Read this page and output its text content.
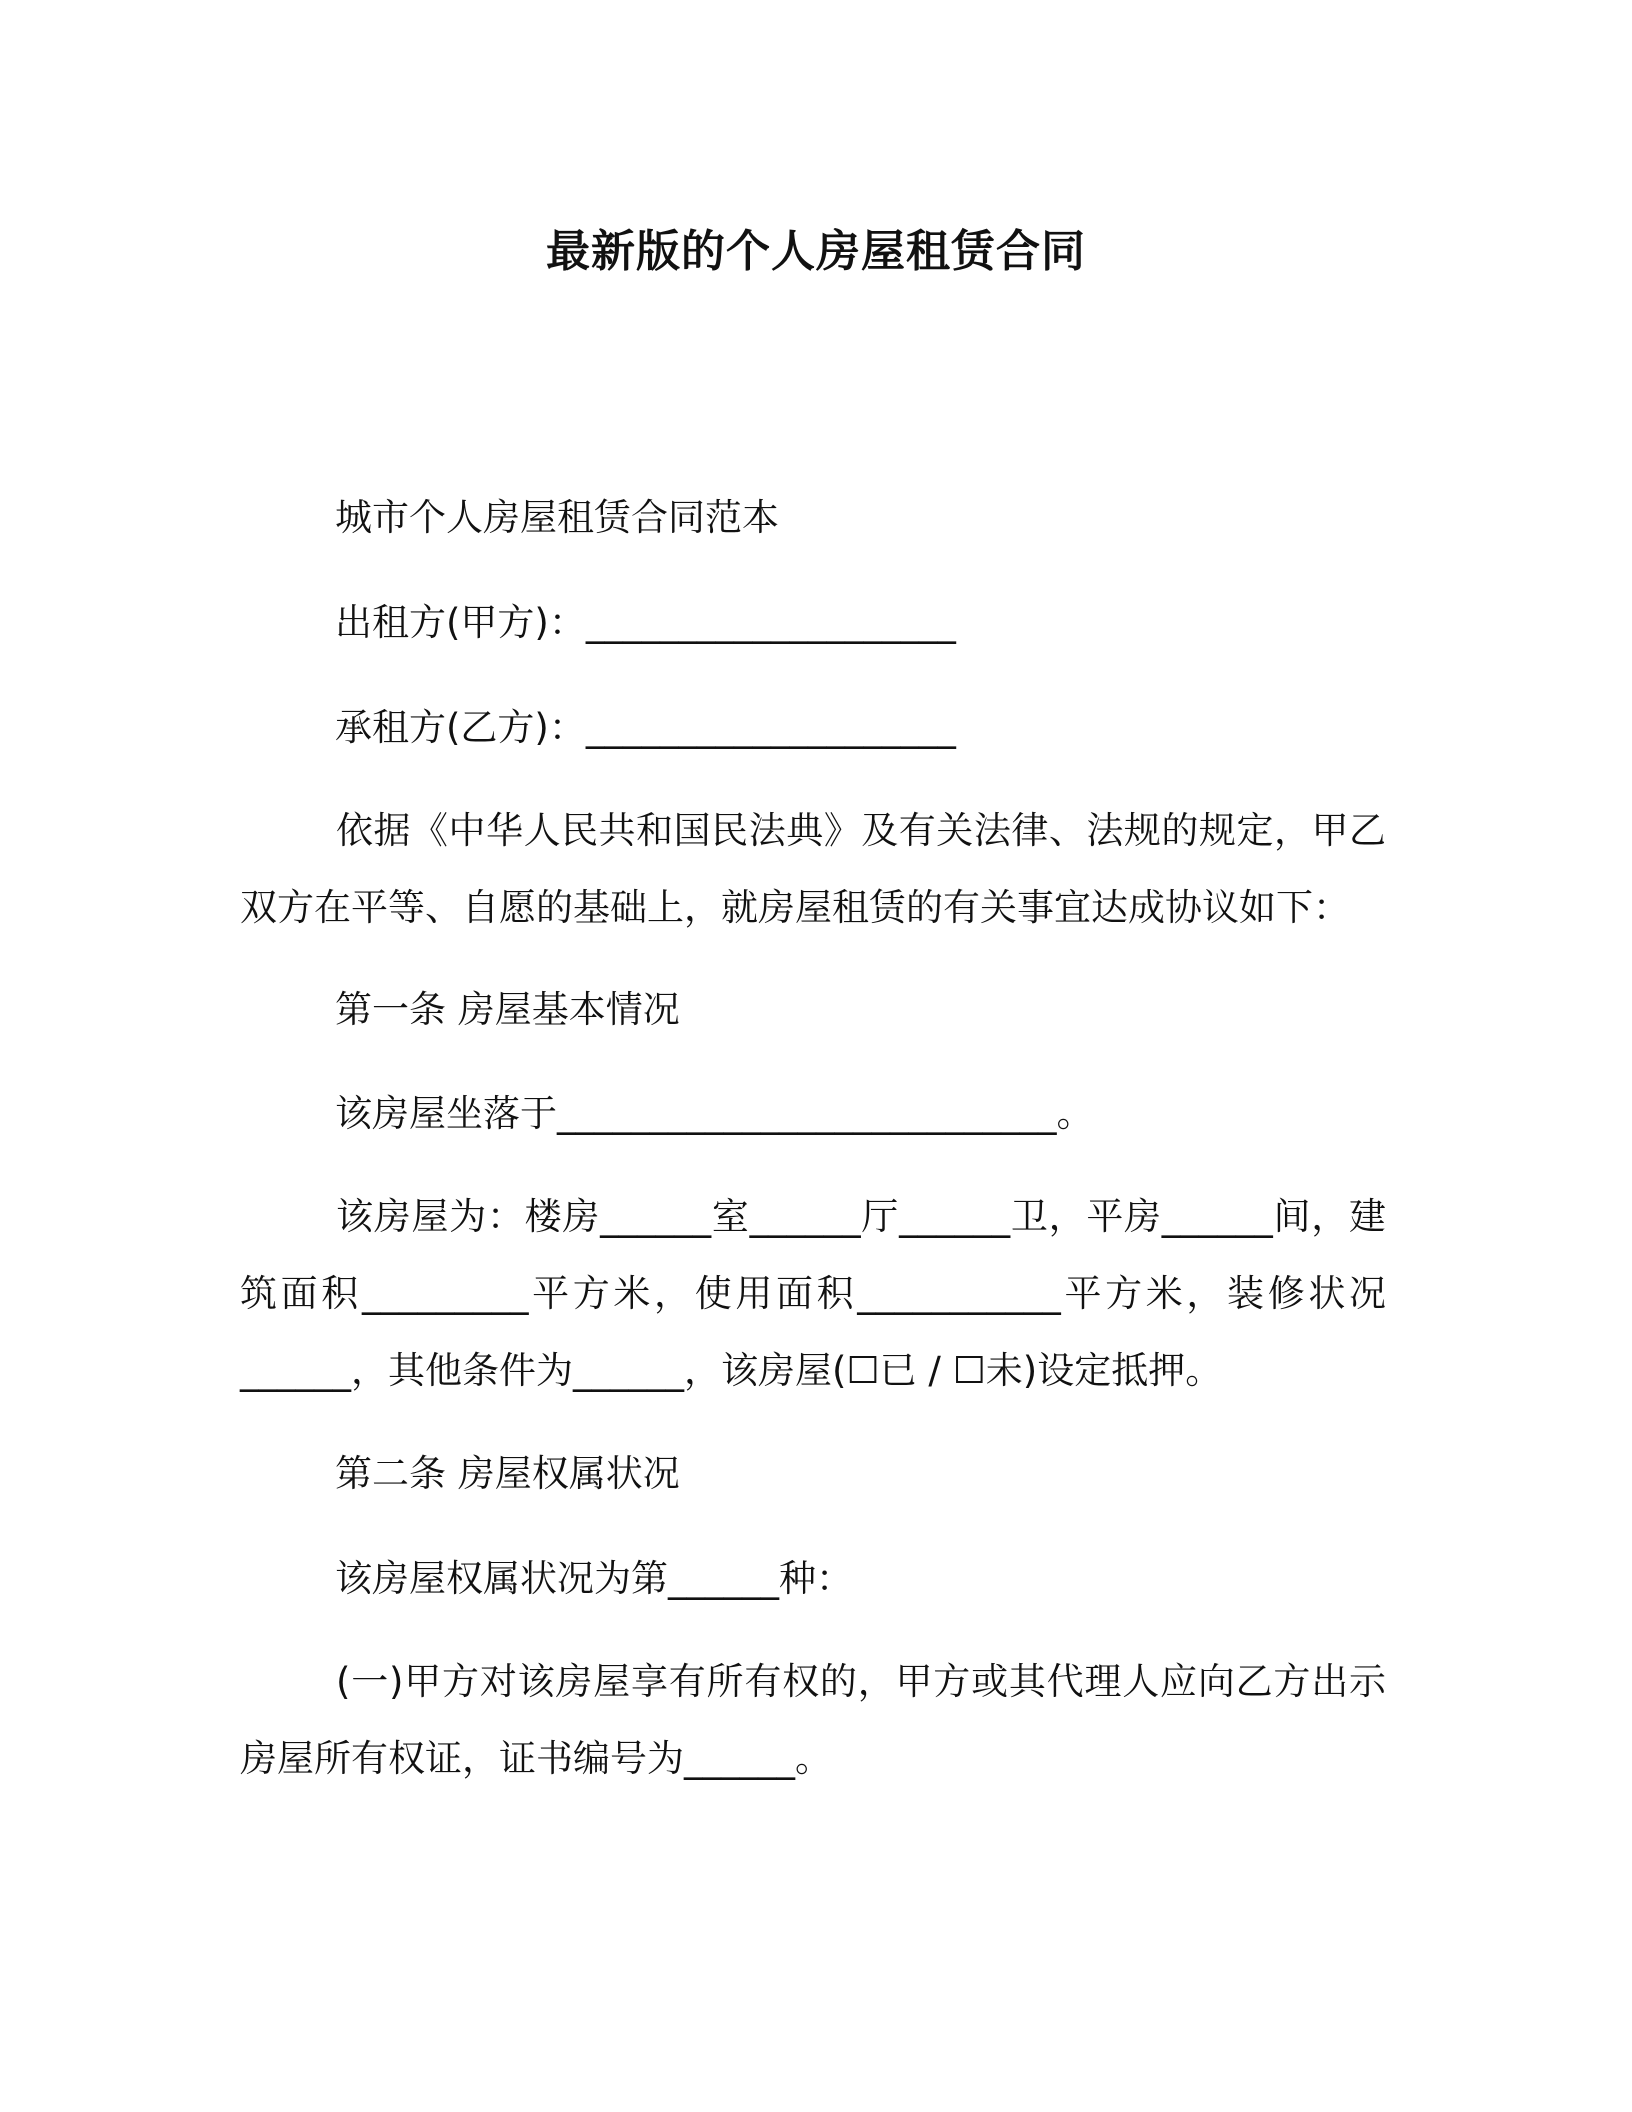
最新版的个人房屋租赁合同
城市个人房屋租赁合同范本
出租方(甲方)：____________________
承租方(乙方)：____________________
依据《中华人民共和国民法典》及有关法律、法规的规定，甲乙双方在平等、自愿的基础上，就房屋租赁的有关事宜达成协议如下：
第一条 房屋基本情况
该房屋坐落于___________________________。
该房屋为：楼房______室______厅______卫，平房______间，建筑面积_________平方米，使用面积___________平方米，装修状况______，其他条件为______，该房屋(☐已 / ☐未)设定抵押。
第二条 房屋权属状况
该房屋权属状况为第______种：
(一)甲方对该房屋享有所有权的，甲方或其代理人应向乙方出示房屋所有权证，证书编号为______。
